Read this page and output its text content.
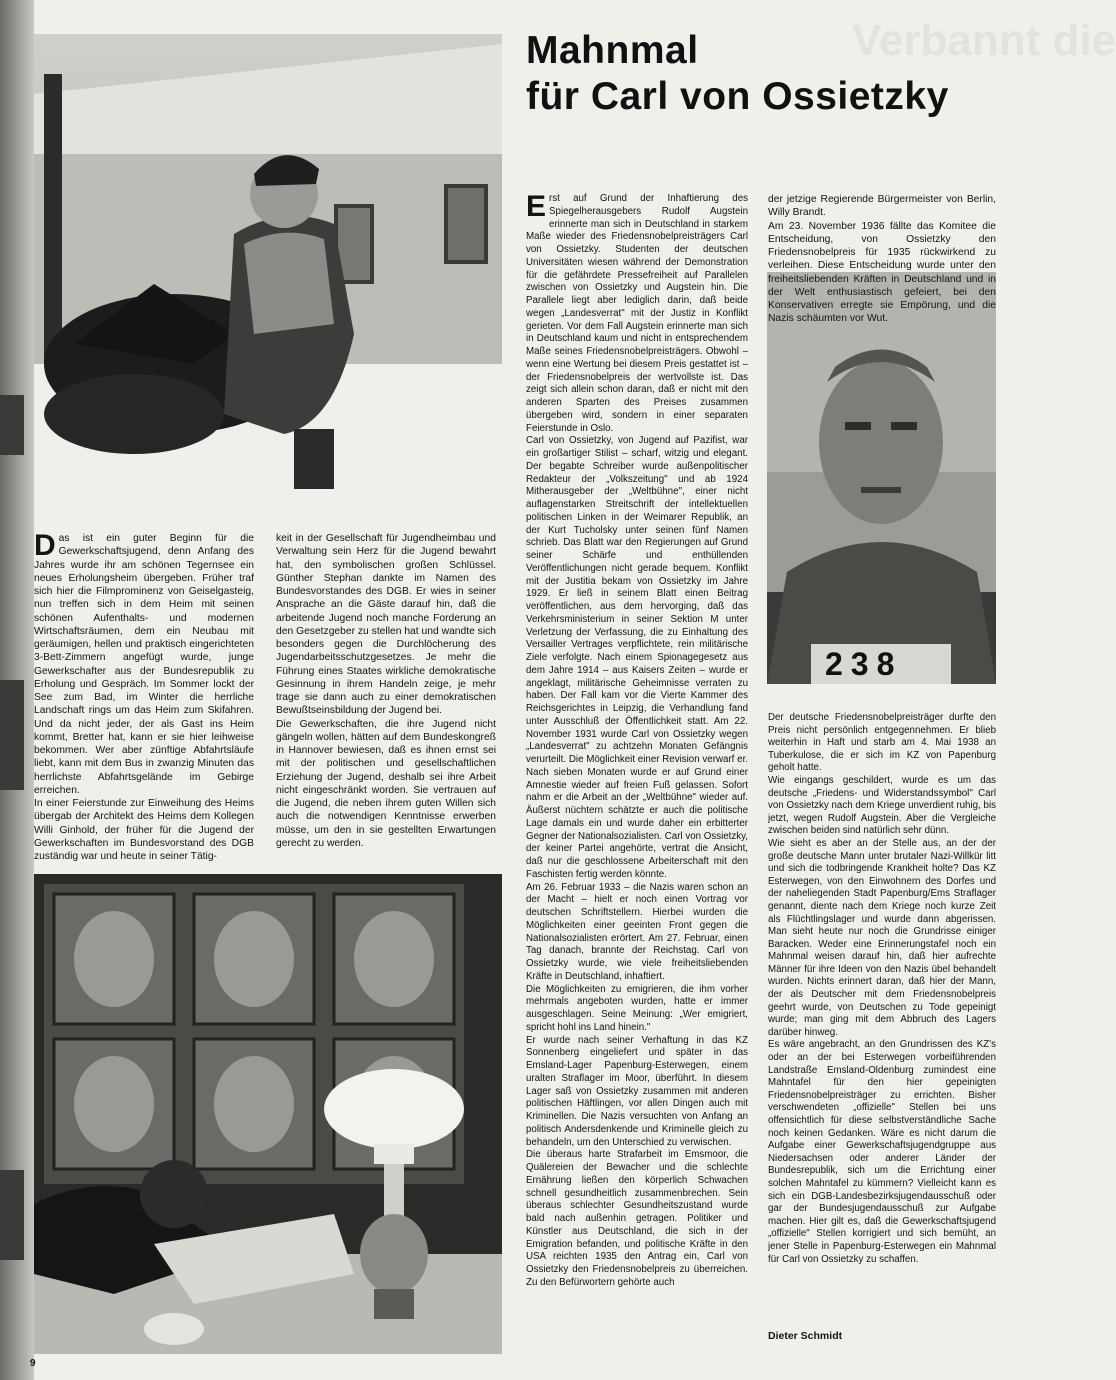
Verbannt die
Mahnmal
für Carl von Ossietzky
238

Das ist ein guter Beginn für die Gewerkschaftsjugend, denn Anfang des Jahres wurde ihr am schönen Tegernsee ein neues Erholungsheim übergeben. Früher traf sich hier die Filmprominenz von Geiselgasteig, nun treffen sich in dem Heim mit seinen schönen Aufenthalts- und modernen Wirtschaftsräumen, dem ein Neubau mit geräumigen, hellen und praktisch eingerichteten 3-Bett-Zimmern angefügt wurde, junge Gewerkschafter aus der Bundesrepublik zu Erholung und Gespräch. Im Sommer lockt der See zum Bad, im Winter die herrliche Landschaft rings um das Heim zum Skifahren. Und da nicht jeder, der als Gast ins Heim kommt, Bretter hat, kann er sie hier leihweise bekommen. Wer aber zünftige Abfahrtsläufe liebt, kann mit dem Bus in zwanzig Minuten das herrlichste Abfahrtsgelände im Gebirge erreichen.

In einer Feierstunde zur Einweihung des Heims übergab der Architekt des Heims dem Kollegen Willi Ginhold, der früher für die Jugend der Gewerkschaften im Bundesvorstand des DGB zuständig war und heute in seiner Tätig-

keit in der Gesellschaft für Jugendheimbau und Verwaltung sein Herz für die Jugend bewahrt hat, den symbolischen großen Schlüssel. Günther Stephan dankte im Namen des Bundesvorstandes des DGB. Er wies in seiner Ansprache an die Gäste darauf hin, daß die arbeitende Jugend noch manche Forderung an den Gesetzgeber zu stellen hat und wandte sich besonders gegen die Durchlöcherung des Jugendarbeitsschutzgesetzes. Je mehr die Führung eines Staates wirkliche demokratische Gesinnung in ihrem Handeln zeige, je mehr trage sie dann auch zu einer demokratischen Bewußtseinsbildung der Jugend bei.

Die Gewerkschaften, die ihre Jugend nicht gängeln wollen, hätten auf dem Bundeskongreß in Hannover bewiesen, daß es ihnen ernst sei mit der politischen und gesellschaftlichen Erziehung der Jugend, deshalb sei ihre Arbeit nicht eingeschränkt worden. Sie vertrauen auf die Jugend, die neben ihrem guten Willen sich auch die notwendigen Kenntnisse erwerben müsse, um den in sie gestellten Erwartungen gerecht zu werden.

Erst auf Grund der Inhaftierung des Spiegelherausgebers Rudolf Augstein erinnerte man sich in Deutschland in starkem Maße wieder des Friedensnobelpreisträgers Carl von Ossietzky. Studenten der deutschen Universitäten wiesen während der Demonstration für die gefährdete Pressefreiheit auf Parallelen zwischen von Ossietzky und Augstein hin. Die Parallele liegt aber lediglich darin, daß beide wegen „Landesverrat" mit der Justiz in Konflikt gerieten. Vor dem Fall Augstein erinnerte man sich in Deutschland kaum und nicht in entsprechendem Maße seines Friedensnobelpreisträgers. Obwohl – wenn eine Wertung bei diesem Preis gestattet ist – der Friedensnobelpreis der wertvollste ist. Das zeigt sich allein schon daran, daß er nicht mit den anderen Sparten des Preises zusammen übergeben wird, sondern in einer separaten Feierstunde in Oslo.

Carl von Ossietzky, von Jugend auf Pazifist, war ein großartiger Stilist – scharf, witzig und elegant. Der begabte Schreiber wurde außenpolitischer Redakteur der „Volkszeitung" und ab 1924 Mitherausgeber der „Weltbühne", einer nicht auflagenstarken Streitschrift der intellektuellen politischen Linken in der Weimarer Republik, an der Kurt Tucholsky unter seinen fünf Namen schrieb. Das Blatt war den Regierungen auf Grund seiner Schärfe und enthüllenden Veröffentlichungen nicht gerade bequem. Konflikt mit der Justitia bekam von Ossietzky im Jahre 1929. Er ließ in seinem Blatt einen Beitrag veröffentlichen, aus dem hervorging, daß das Verkehrsministerium in seiner Sektion M unter Verletzung der Verfassung, die zu Einhaltung des Versailler Vertrages verpflichtete, rein militärische Ziele verfolgte. Nach einem Spionagegesetz aus dem Jahre 1914 – aus Kaisers Zeiten – wurde er angeklagt, militärische Geheimnisse verraten zu haben. Der Fall kam vor die Vierte Kammer des Reichsgerichtes in Leipzig, die Verhandlung fand unter Ausschluß der Öffentlichkeit statt. Am 22. November 1931 wurde Carl von Ossietzky wegen „Landesverrat" zu achtzehn Monaten Gefängnis verurteilt. Die Möglichkeit einer Revision verwarf er. Nach sieben Monaten wurde er auf Grund einer Amnestie wieder auf freien Fuß gelassen. Sofort nahm er die Arbeit an der „Weltbühne" wieder auf. Äußerst nüchtern schätzte er auch die politische Lage damals ein und wurde daher ein erbitterter Gegner der Nationalsozialisten. Carl von Ossietzky, der keiner Partei angehörte, vertrat die Ansicht, daß nur die geschlossene Arbeiterschaft mit den Faschisten fertig werden könnte.

Am 26. Februar 1933 – die Nazis waren schon an der Macht – hielt er noch einen Vortrag vor deutschen Schriftstellern. Hierbei wurden die Möglichkeiten einer geeinten Front gegen die Nationalsozialisten erörtert. Am 27. Februar, einen Tag danach, brannte der Reichstag. Carl von Ossietzky wurde, wie viele freiheitsliebenden Kräfte in Deutschland, inhaftiert.

Die Möglichkeiten zu emigrieren, die ihm vorher mehrmals angeboten wurden, hatte er immer ausgeschlagen. Seine Meinung: „Wer emigriert, spricht hohl ins Land hinein."

Er wurde nach seiner Verhaftung in das KZ Sonnenberg eingeliefert und später in das Emsland-Lager Papenburg-Esterwegen, einem uralten Straflager im Moor, überführt. In diesem Lager saß von Ossietzky zusammen mit anderen politischen Häftlingen, vor allen Dingen auch mit Kriminellen. Die Nazis versuchten von Anfang an politisch Andersdenkende und Kriminelle gleich zu behandeln, um den Unterschied zu verwischen.

Die überaus harte Strafarbeit im Emsmoor, die Quälereien der Bewacher und die schlechte Ernährung ließen den körperlich Schwachen schnell gesundheitlich zusammenbrechen. Sein überaus schlechter Gesundheitszustand wurde bald nach außenhin getragen. Politiker und Künstler aus Deutschland, die sich in der Emigration befanden, und politische Kräfte in den USA reichten 1935 den Antrag ein, Carl von Ossietzky den Friedensnobelpreis zu überreichen. Zu den Befürwortern gehörte auch

der jetzige Regierende Bürgermeister von Berlin, Willy Brandt.

Am 23. November 1936 fällte das Komitee die Entscheidung, von Ossietzky den Friedensnobelpreis für 1935 rückwirkend zu verleihen. Diese Entscheidung wurde unter den freiheitsliebenden Kräften in Deutschland und in der Welt enthusiastisch gefeiert, bei den Konservativen erregte sie Empörung, und die Nazis schäumten vor Wut.

Der deutsche Friedensnobelpreisträger durfte den Preis nicht persönlich entgegennehmen. Er blieb weiterhin in Haft und starb am 4. Mai 1938 an Tuberkulose, die er sich im KZ von Papenburg geholt hatte.

Wie eingangs geschildert, wurde es um das deutsche „Friedens- und Widerstandssymbol" Carl von Ossietzky nach dem Kriege unverdient ruhig, bis jetzt, wegen Rudolf Augstein. Aber die Vergleiche zwischen beiden sind natürlich sehr dünn.

Wie sieht es aber an der Stelle aus, an der der große deutsche Mann unter brutaler Nazi-Willkür litt und sich die todbringende Krankheit holte? Das KZ Esterwegen, von den Einwohnern des Dorfes und der naheliegenden Stadt Papenburg/Ems Straflager genannt, diente nach dem Kriege noch kurze Zeit als Flüchtlingslager und wurde dann abgerissen. Man sieht heute nur noch die Grundrisse einiger Baracken. Weder eine Erinnerungstafel noch ein Mahnmal weisen darauf hin, daß hier aufrechte Männer für ihre Ideen von den Nazis übel behandelt wurden. Nichts erinnert daran, daß hier der Mann, der als Deutscher mit dem Friedensnobelpreis geehrt wurde, von Deutschen zu Tode gepeinigt wurde; man ging mit dem Abbruch des Lagers darüber hinweg.

Es wäre angebracht, an den Grundrissen des KZ's oder an der bei Esterwegen vorbeiführenden Landstraße Emsland-Oldenburg zumindest eine Mahntafel für den hier gepeinigten Friedensnobelpreisträger zu errichten. Bisher verschwendeten „offizielle" Stellen bei uns offensichtlich für diese selbstverständliche Sache noch keinen Gedanken. Wäre es nicht darum die Aufgabe einer Gewerkschaftsjugendgruppe aus Niedersachsen oder anderer Länder der Bundesrepublik, sich um die Errichtung einer solchen Mahntafel zu kümmern? Vielleicht kann es sich ein DGB-Landesbezirksjugendausschuß oder gar der Bundesjugendausschuß zur Aufgabe machen. Hier gilt es, daß die Gewerkschaftsjugend „offizielle" Stellen korrigiert und sich bemüht, an jener Stelle in Papenburg-Esterwegen ein Mahnmal für Carl von Ossietzky zu schaffen.

Dieter Schmidt
9
